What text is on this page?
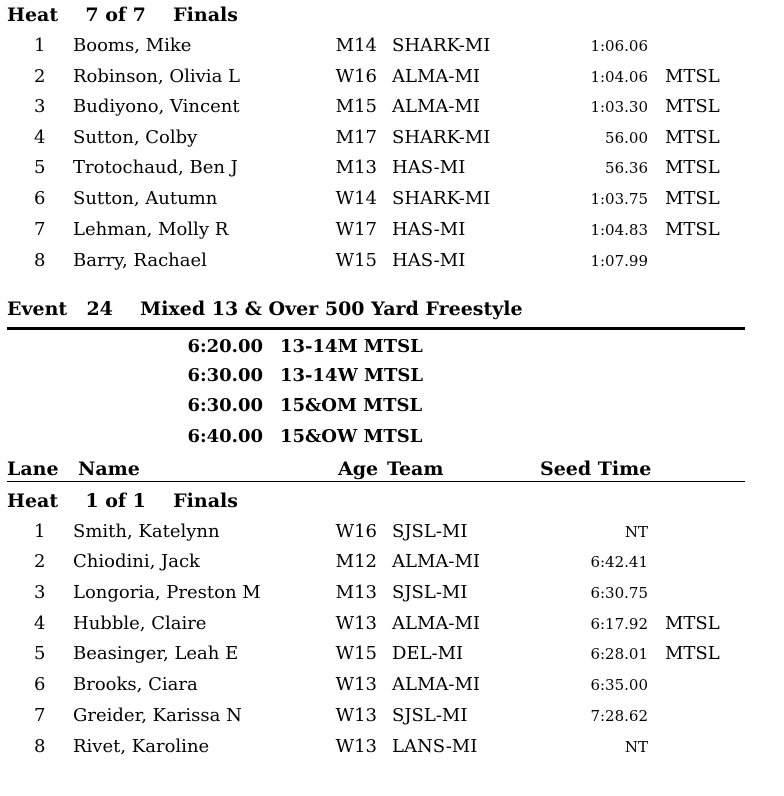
Heat 7 of 7 Finals
1 Booms, Mike	M14 SHARK-MI	1:06.06
2 Robinson, Olivia L	W16 ALMA-MI	1:04.06 MTSL
3 Budiyono, Vincent	M15 ALMA-MI	1:03.30 MTSL
4 Sutton, Colby	M17 SHARK-MI	56.00 MTSL
5 Trotochaud, Ben J	M13 HAS-MI	56.36 MTSL
6 Sutton, Autumn	W14 SHARK-MI	1:03.75 MTSL
7 Lehman, Molly R	W17 HAS-MI	1:04.83 MTSL
8 Barry, Rachael	W15 HAS-MI	1:07.99
Event 24 Mixed 13 & Over 500 Yard Freestyle
6:20.00 13-14M MTSL
6:30.00 13-14W MTSL
6:30.00 15&OM MTSL
6:40.00 15&OW MTSL
Lane Name	Age Team	Seed Time
Heat 1 of 1 Finals
1 Smith, Katelynn	W16 SJSL-MI	NT
2 Chiodini, Jack	M12 ALMA-MI	6:42.41
3 Longoria, Preston M	M13 SJSL-MI	6:30.75
4 Hubble, Claire	W13 ALMA-MI	6:17.92 MTSL
5 Beasinger, Leah E	W15 DEL-MI	6:28.01 MTSL
6 Brooks, Ciara	W13 ALMA-MI	6:35.00
7 Greider, Karissa N	W13 SJSL-MI	7:28.62
8 Rivet, Karoline	W13 LANS-MI	NT
